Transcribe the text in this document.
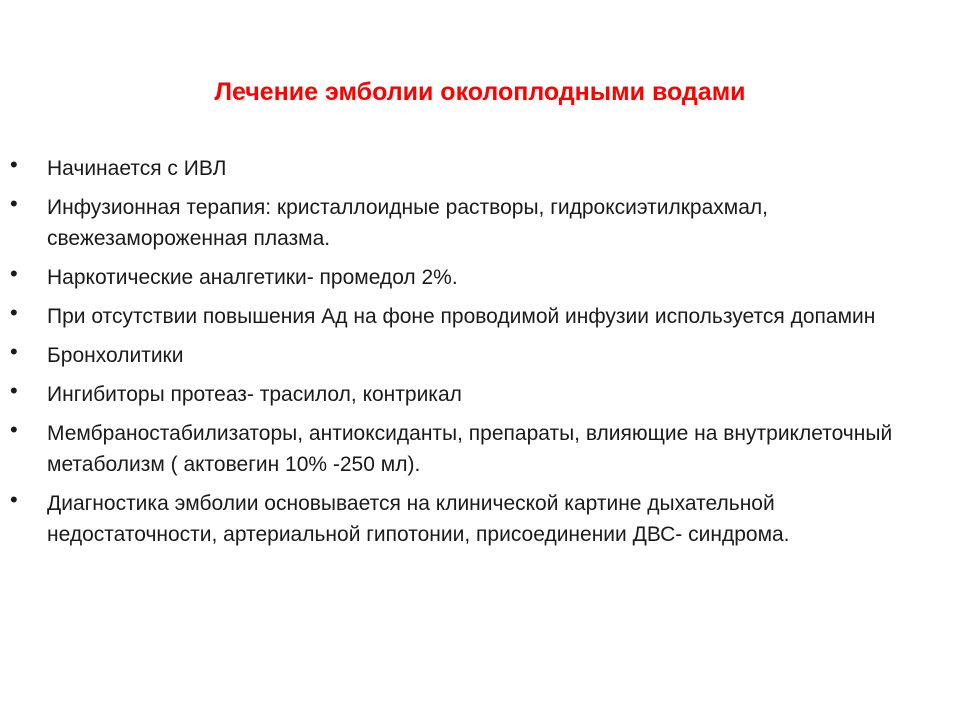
Лечение эмболии околоплодными водами
• Начинается с ИВЛ
• Инфузионная терапия: кристаллоидные растворы, гидроксиэтилкрахмал, свежезамороженная плазма.
• Наркотические аналгетики- промедол 2%.
• При отсутствии повышения Ад на фоне проводимой инфузии используется допамин
• Бронхолитики
• Ингибиторы протеаз- трасилол, контрикал
• Мембраностабилизаторы, антиоксиданты, препараты, влияющие на внутриклеточный метаболизм ( актовегин 10% -250 мл).
• Диагностика эмболии основывается на клинической картине дыхательной недостаточности, артериальной гипотонии, присоединении ДВС- синдрома.
